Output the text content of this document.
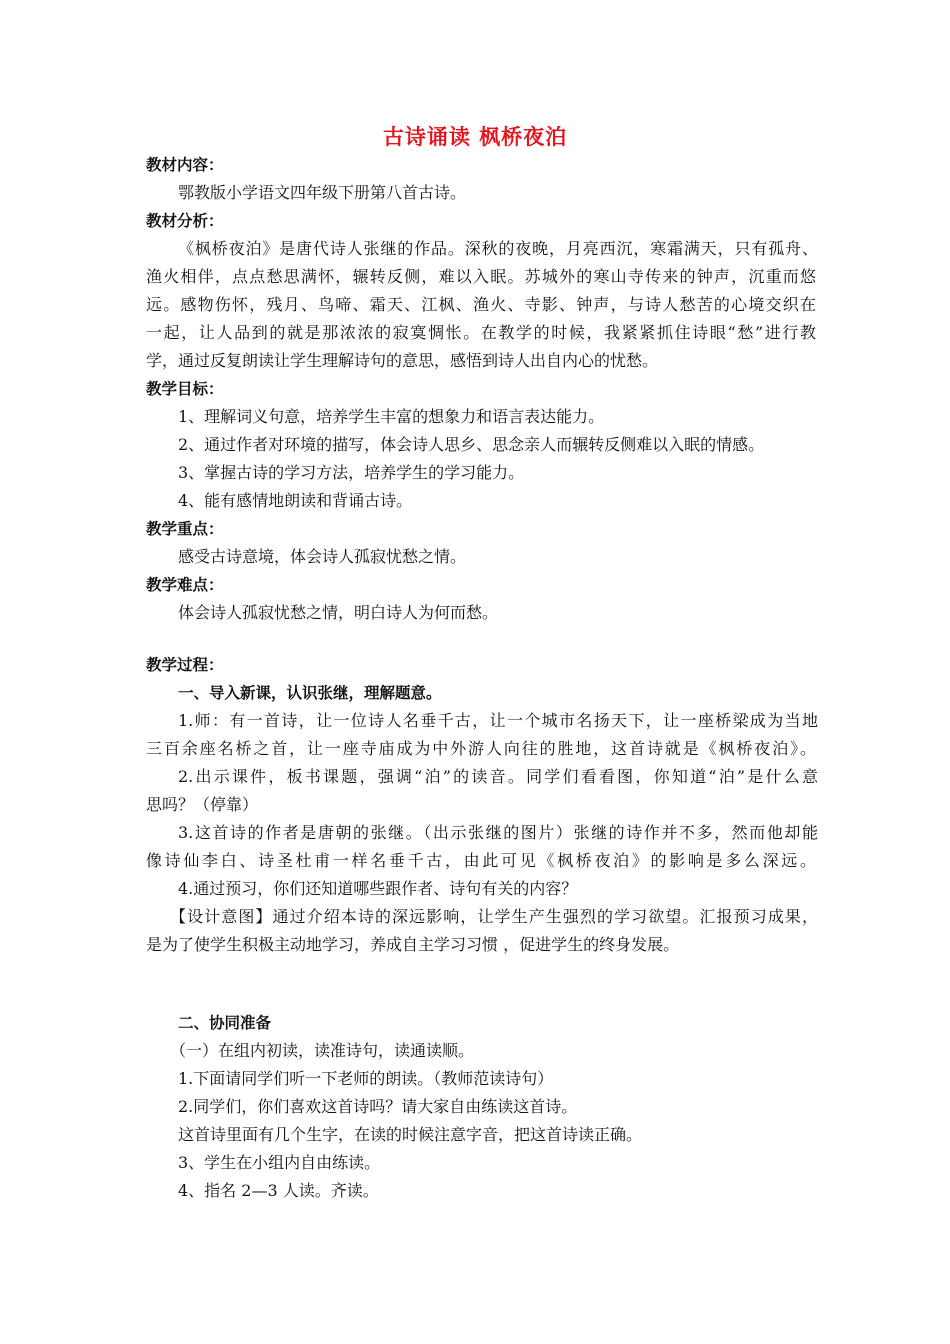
古诗诵读 枫桥夜泊
教材内容：
鄂教版小学语文四年级下册第八首古诗。
教材分析：
《枫桥夜泊》是唐代诗人张继的作品。深秋的夜晚，月亮西沉，寒霜满天，只有孤舟、
渔火相伴，点点愁思满怀，辗转反侧，难以入眠。苏城外的寒山寺传来的钟声，沉重而悠
远。感物伤怀，残月、鸟啼、霜天、江枫、渔火、寺影、钟声，与诗人愁苦的心境交织在
一起，让人品到的就是那浓浓的寂寞惆怅。在教学的时候，我紧紧抓住诗眼“愁”进行教
学，通过反复朗读让学生理解诗句的意思，感悟到诗人出自内心的忧愁。
教学目标：
1、理解词义句意，培养学生丰富的想象力和语言表达能力。
2、通过作者对环境的描写，体会诗人思乡、思念亲人而辗转反侧难以入眠的情感。
3、掌握古诗的学习方法，培养学生的学习能力。
4、能有感情地朗读和背诵古诗。
教学重点：
感受古诗意境，体会诗人孤寂忧愁之情。
教学难点：
体会诗人孤寂忧愁之情，明白诗人为何而愁。
教学过程：
一、导入新课，认识张继，理解题意。
1.师：有一首诗，让一位诗人名垂千古，让一个城市名扬天下，让一座桥梁成为当地
三百余座名桥之首，让一座寺庙成为中外游人向往的胜地，这首诗就是《枫桥夜泊》。
2.出示课件，板书课题，强调“泊”的读音。同学们看看图，你知道“泊”是什么意
思吗？（停靠）
3.这首诗的作者是唐朝的张继。（出示张继的图片）张继的诗作并不多，然而他却能
像诗仙李白、诗圣杜甫一样名垂千古，由此可见《枫桥夜泊》的影响是多么深远。
4.通过预习，你们还知道哪些跟作者、诗句有关的内容？
【设计意图】通过介绍本诗的深远影响，让学生产生强烈的学习欲望。汇报预习成果，
是为了使学生积极主动地学习，养成自主学习习惯 ，促进学生的终身发展。
二、协同准备
（一）在组内初读，读准诗句，读通读顺。
1.下面请同学们听一下老师的朗读。（教师范读诗句）
2.同学们，你们喜欢这首诗吗？请大家自由练读这首诗。
这首诗里面有几个生字，在读的时候注意字音，把这首诗读正确。
3、学生在小组内自由练读。
4、指名 2—3 人读。齐读。
